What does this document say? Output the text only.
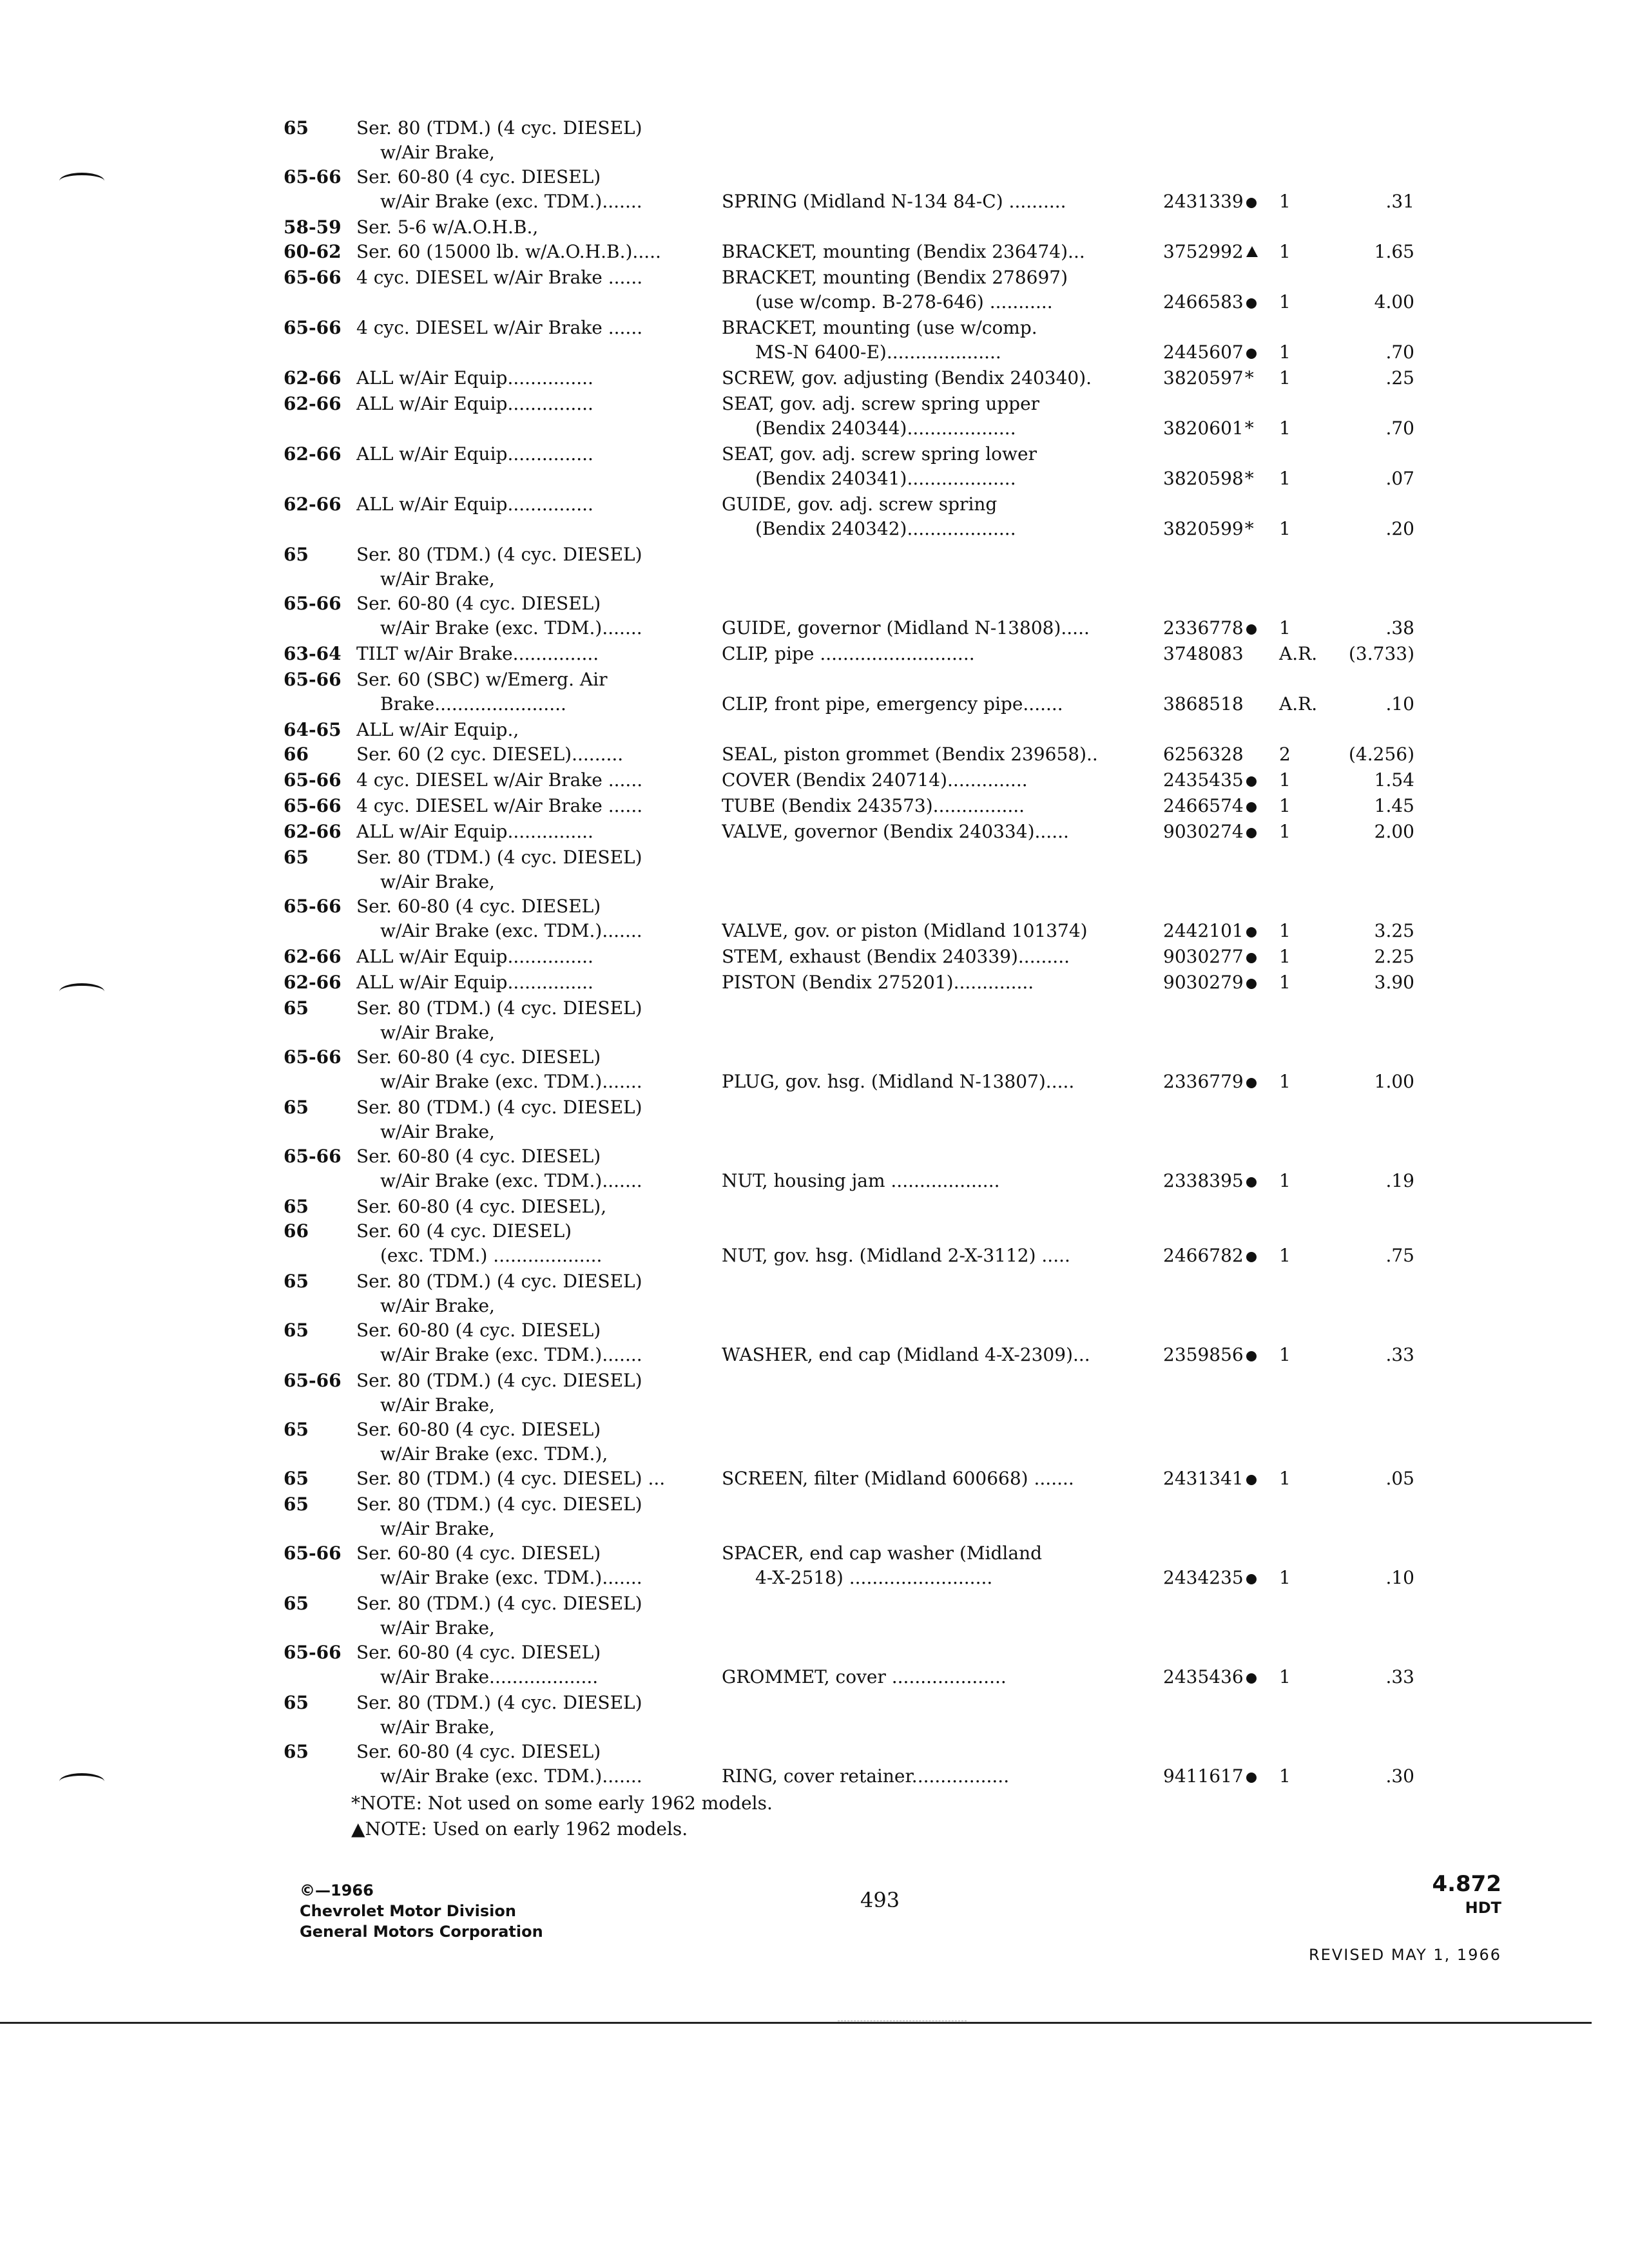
65	Ser. 80 (TDM.) (4 cyc. DIESEL)
w/Air Brake,
65-66 Ser. 60-80 (4 cyc. DIESEL)
w/Air Brake (exc. TDM.).......	SPRING (Midland N-134 84-C) ..........	2431339	1	.31
58-59 Ser. 5-6 w/A.O.H.B.,
60-62 Ser. 60 (15000 lb. w/A.O.H.B.).....	BRACKET, mounting (Bendix 236474)...	3752992	1	1.65
65-66 4 cyc. DIESEL w/Air Brake ......	BRACKET, mounting (Bendix 278697)
(use w/comp. B-278-646) ...........	2466583	1	4.00
65-66 4 cyc. DIESEL w/Air Brake ......	BRACKET, mounting (use w/comp.
MS-N 6400-E)....................	2445607	1	.70
62-66 ALL w/Air Equip...............	SCREW, gov. adjusting (Bendix 240340).	3820597*	1	.25
62-66 ALL w/Air Equip...............	SEAT, gov. adj. screw spring upper
(Bendix 240344)...................	3820601*	1	.70
62-66 ALL w/Air Equip...............	SEAT, gov. adj. screw spring lower
(Bendix 240341)...................	3820598*	1	.07
62-66 ALL w/Air Equip...............	GUIDE, gov. adj. screw spring
(Bendix 240342)...................	3820599*	1	.20
65	Ser. 80 (TDM.) (4 cyc. DIESEL)
w/Air Brake,
65-66 Ser. 60-80 (4 cyc. DIESEL)
w/Air Brake (exc. TDM.).......	GUIDE, governor (Midland N-13808).....	2336778	1	.38
63-64 TILT w/Air Brake...............	CLIP, pipe ...........................	3748083	A.R.	(3.733)
65-66 Ser. 60 (SBC) w/Emerg. Air
Brake.......................	CLIP, front pipe, emergency pipe.......	3868518	A.R.	.10
64-65 ALL w/Air Equip.,
66	Ser. 60 (2 cyc. DIESEL).........	SEAL, piston grommet (Bendix 239658)..	6256328	2	(4.256)
65-66 4 cyc. DIESEL w/Air Brake ......	COVER (Bendix 240714)..............	2435435	1	1.54
65-66 4 cyc. DIESEL w/Air Brake ......	TUBE (Bendix 243573)................	2466574	1	1.45
62-66 ALL w/Air Equip...............	VALVE, governor (Bendix 240334)......	9030274	1	2.00
65	Ser. 80 (TDM.) (4 cyc. DIESEL)
w/Air Brake,
65-66 Ser. 60-80 (4 cyc. DIESEL)
w/Air Brake (exc. TDM.).......	VALVE, gov. or piston (Midland 101374)	2442101	1	3.25
62-66 ALL w/Air Equip...............	STEM, exhaust (Bendix 240339).........	9030277	1	2.25
62-66 ALL w/Air Equip...............	PISTON (Bendix 275201)..............	9030279	1	3.90
65	Ser. 80 (TDM.) (4 cyc. DIESEL)
w/Air Brake,
65-66 Ser. 60-80 (4 cyc. DIESEL)
w/Air Brake (exc. TDM.).......	PLUG, gov. hsg. (Midland N-13807).....	2336779	1	1.00
65	Ser. 80 (TDM.) (4 cyc. DIESEL)
w/Air Brake,
65-66 Ser. 60-80 (4 cyc. DIESEL)
w/Air Brake (exc. TDM.).......	NUT, housing jam ...................	2338395	1	.19
65	Ser. 60-80 (4 cyc. DIESEL),
66	Ser. 60 (4 cyc. DIESEL)
(exc. TDM.) ...................	NUT, gov. hsg. (Midland 2-X-3112) .....	2466782	1	.75
65	Ser. 80 (TDM.) (4 cyc. DIESEL)
w/Air Brake,
65	Ser. 60-80 (4 cyc. DIESEL)
w/Air Brake (exc. TDM.).......	WASHER, end cap (Midland 4-X-2309)...	2359856	1	.33
65-66 Ser. 80 (TDM.) (4 cyc. DIESEL)
w/Air Brake,
65	Ser. 60-80 (4 cyc. DIESEL)
w/Air Brake (exc. TDM.),
65	Ser. 80 (TDM.) (4 cyc. DIESEL) ...	SCREEN, filter (Midland 600668) .......	2431341	1	.05
65	Ser. 80 (TDM.) (4 cyc. DIESEL)
w/Air Brake,
65-66 Ser. 60-80 (4 cyc. DIESEL)	SPACER, end cap washer (Midland
w/Air Brake (exc. TDM.).......	4-X-2518) .........................	2434235	1	.10
65	Ser. 80 (TDM.) (4 cyc. DIESEL)
w/Air Brake,
65-66 Ser. 60-80 (4 cyc. DIESEL)
w/Air Brake...................	GROMMET, cover ....................	2435436	1	.33
65	Ser. 80 (TDM.) (4 cyc. DIESEL)
w/Air Brake,
65	Ser. 60-80 (4 cyc. DIESEL)
w/Air Brake (exc. TDM.).......	RING, cover retainer.................	9411617	1	.30
*NOTE: Not used on some early 1962 models.
▲NOTE: Used on early 1962 models.
©—1966
Chevrolet Motor Division
General Motors Corporation
493
4.872
HDT
REVISED MAY 1, 1966
